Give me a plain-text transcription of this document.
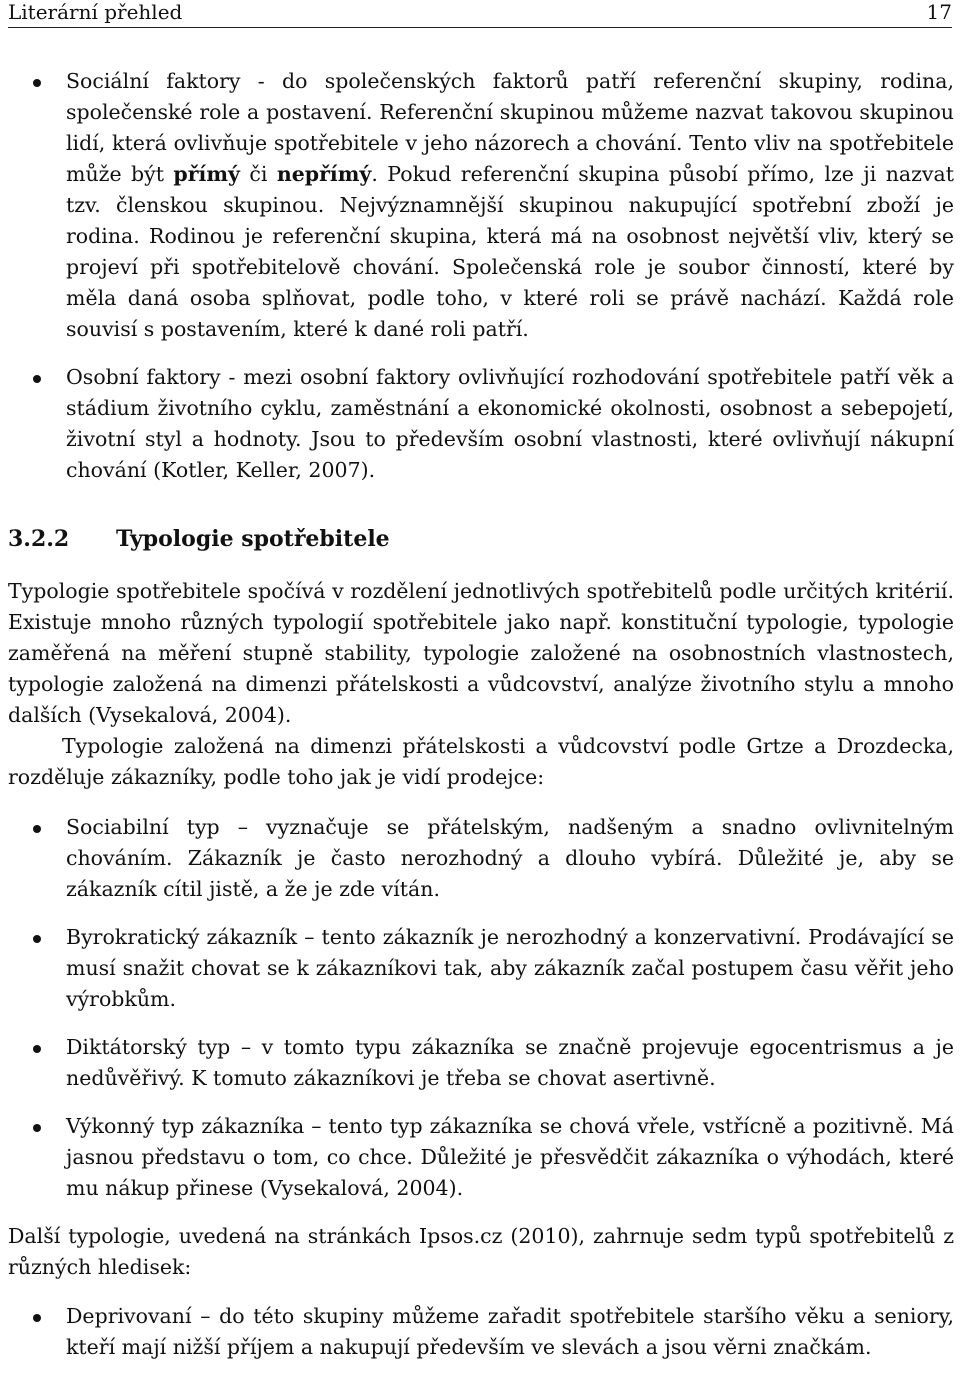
Literární přehled	17
Sociální faktory - do společenských faktorů patří referenční skupiny, rodina, společenské role a postavení. Referenční skupinou můžeme nazvat takovou skupinou lidí, která ovlivňuje spotřebitele v jeho názorech a chování. Tento vliv na spotřebitele může být přímý či nepřímý. Pokud referenční skupina působí přímo, lze ji nazvat tzv. členskou skupinou. Nejvýznamnější skupinou nakupující spotřební zboží je rodina. Rodinou je referenční skupina, která má na osobnost největší vliv, který se projeví při spotřebitelově chování. Společenská role je soubor činností, které by měla daná osoba splňovat, podle toho, v které roli se právě nachází. Každá role souvisí s postavením, které k dané roli patří.
Osobní faktory - mezi osobní faktory ovlivňující rozhodování spotřebitele patří věk a stádium životního cyklu, zaměstnání a ekonomické okolnosti, osobnost a sebepojetí, životní styl a hodnoty. Jsou to především osobní vlastnosti, které ovlivňují nákupní chování (Kotler, Keller, 2007).
3.2.2 Typologie spotřebitele

Typologie spotřebitele spočívá v rozdělení jednotlivých spotřebitelů podle určitých kritérií. Existuje mnoho různých typologií spotřebitele jako např. konstituční typologie, typologie zaměřená na měření stupně stability, typologie založené na osobnostních vlastnostech, typologie založená na dimenzi přátelskosti a vůdcovství, analýze životního stylu a mnoho dalších (Vysekalová, 2004).

Typologie založená na dimenzi přátelskosti a vůdcovství podle Grtze a Drozdecka, rozděluje zákazníky, podle toho jak je vidí prodejce:

Sociabilní typ – vyznačuje se přátelským, nadšeným a snadno ovlivnitelným chováním. Zákazník je často nerozhodný a dlouho vybírá. Důležité je, aby se zákazník cítil jistě, a že je zde vítán.
Byrokratický zákazník – tento zákazník je nerozhodný a konzervativní. Prodávající se musí snažit chovat se k zákazníkovi tak, aby zákazník začal postupem času věřit jeho výrobkům.
Diktátorský typ – v tomto typu zákazníka se značně projevuje egocentrismus a je nedůvěřivý. K tomuto zákazníkovi je třeba se chovat asertivně.
Výkonný typ zákazníka – tento typ zákazníka se chová vřele, vstřícně a pozitivně. Má jasnou představu o tom, co chce. Důležité je přesvědčit zákazníka o výhodách, které mu nákup přinese (Vysekalová, 2004).

Další typologie, uvedená na stránkách Ipsos.cz (2010), zahrnuje sedm typů spotřebitelů z různých hledisek:

Deprivovaní – do této skupiny můžeme zařadit spotřebitele staršího věku a seniory, kteří mají nižší příjem a nakupují především ve slevách a jsou věrni značkám.
